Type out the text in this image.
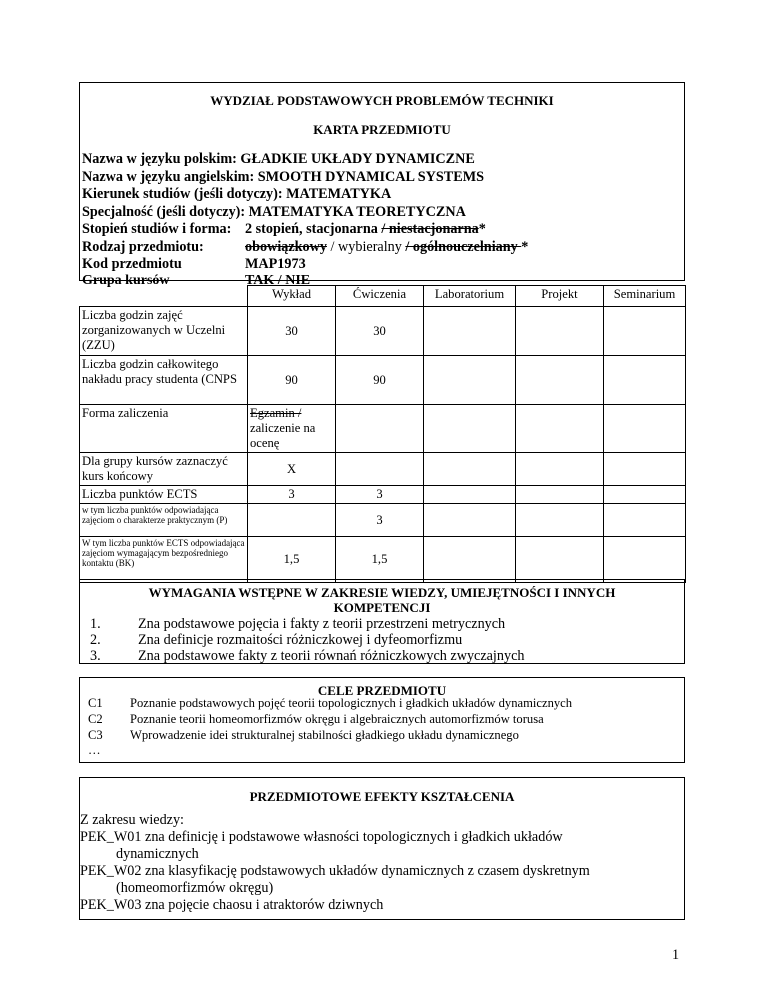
WYDZIAŁ PODSTAWOWYCH PROBLEMÓW TECHNIKI
KARTA PRZEDMIOTU
Nazwa w języku polskim: GŁADKIE UKŁADY DYNAMICZNE
Nazwa w języku angielskim: SMOOTH DYNAMICAL SYSTEMS
Kierunek studiów (jeśli dotyczy): MATEMATYKA
Specjalność (jeśli dotyczy): MATEMATYKA TEORETYCZNA
Stopień studiów i forma: 2 stopień, stacjonarna / niestacjonarna*
Rodzaj przedmiotu:	obowiązkowy / wybieralny / ogólnouczelniany *
Kod przedmiotu	MAP1973
Grupa kursów	TAK / NIE
	Wykład	Ćwiczenia	Laboratorium	Projekt	Seminarium
Liczba godzin zajęć zorganizowanych w Uczelni (ZZU)	30	30			
Liczba godzin całkowitego nakładu pracy studenta (CNPS	90	90			
Forma zaliczenia	Egzamin /
zaliczenie na ocenę				
Dla grupy kursów zaznaczyć kurs końcowy	X				
Liczba punktów ECTS	3	3			
w tym liczba punktów odpowiadająca zajęciom o charakterze praktycznym (P)		3			
W tym liczba punktów ECTS odpowiadająca zajęciom wymagającym bezpośredniego kontaktu (BK)	1,5	1,5			
WYMAGANIA WSTĘPNE W ZAKRESIE WIEDZY, UMIEJĘTNOŚCI I INNYCH
KOMPETENCJI
1.	Zna podstawowe pojęcia i fakty z teorii przestrzeni metrycznych
2.	Zna definicje rozmaitości różniczkowej i dyfeomorfizmu
3.	Zna podstawowe fakty z teorii równań różniczkowych zwyczajnych
CELE PRZEDMIOTU
C1 Poznanie podstawowych pojęć teorii topologicznych i gładkich układów dynamicznych
C2 Poznanie teorii homeomorfizmów okręgu i algebraicznych automorfizmów torusa
C3 Wprowadzenie idei strukturalnej stabilności gładkiego układu dynamicznego
…
PRZEDMIOTOWE EFEKTY KSZTAŁCENIA
Z zakresu wiedzy:
PEK_W01 zna definicję i podstawowe własności topologicznych i gładkich układów
dynamicznych
PEK_W02 zna klasyfikację podstawowych układów dynamicznych z czasem dyskretnym
(homeomorfizmów okręgu)
PEK_W03 zna pojęcie chaosu i atraktorów dziwnych
1
